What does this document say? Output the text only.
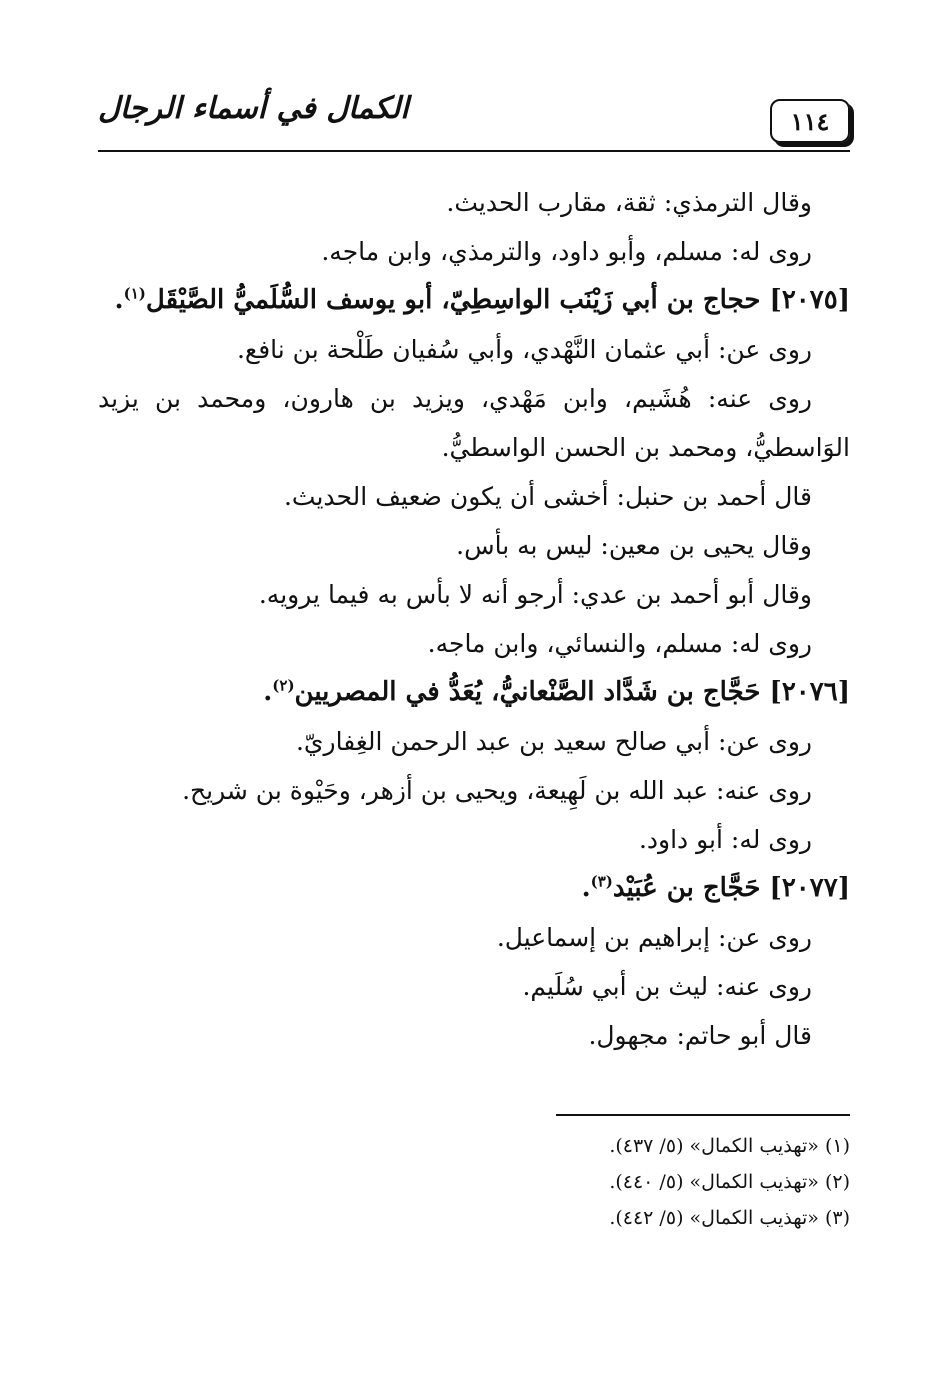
١١٤
الكمال في أسماء الرجال
وقال الترمذي: ثقة، مقارب الحديث.
روى له: مسلم، وأبو داود، والترمذي، وابن ماجه.
[٢٠٧٥] حجاج بن أبي زَيْنَب الواسِطِيّ، أبو يوسف السُّلَميُّ الصَّيْقَل$^{(١)}$.
روى عن: أبي عثمان النَّهْدي، وأبي سُفيان طَلْحة بن نافع.
روى عنه: هُشَيم، وابن مَهْدي، ويزيد بن هارون، ومحمد بن يزيد
الوَاسطيُّ، ومحمد بن الحسن الواسطيُّ.
قال أحمد بن حنبل: أخشى أن يكون ضعيف الحديث.
وقال يحيى بن معين: ليس به بأس.
وقال أبو أحمد بن عدي: أرجو أنه لا بأس به فيما يرويه.
روى له: مسلم، والنسائي، وابن ماجه.
[٢٠٧٦] حَجَّاج بن شَدَّاد الصَّنْعانيُّ، يُعَدُّ في المصريين$^{(٢)}$.
روى عن: أبي صالح سعيد بن عبد الرحمن الغِفاريّ.
روى عنه: عبد الله بن لَهِيعة، ويحيى بن أزهر، وحَيْوة بن شريح.
روى له: أبو داود.
[٢٠٧٧] حَجَّاج بن عُبَيْد$^{(٣)}$.
روى عن: إبراهيم بن إسماعيل.
روى عنه: ليث بن أبي سُلَيم.
قال أبو حاتم: مجهول.
(١) «تهذيب الكمال» (٥/ ٤٣٧).
(٢) «تهذيب الكمال» (٥/ ٤٤٠).
(٣) «تهذيب الكمال» (٥/ ٤٤٢).
